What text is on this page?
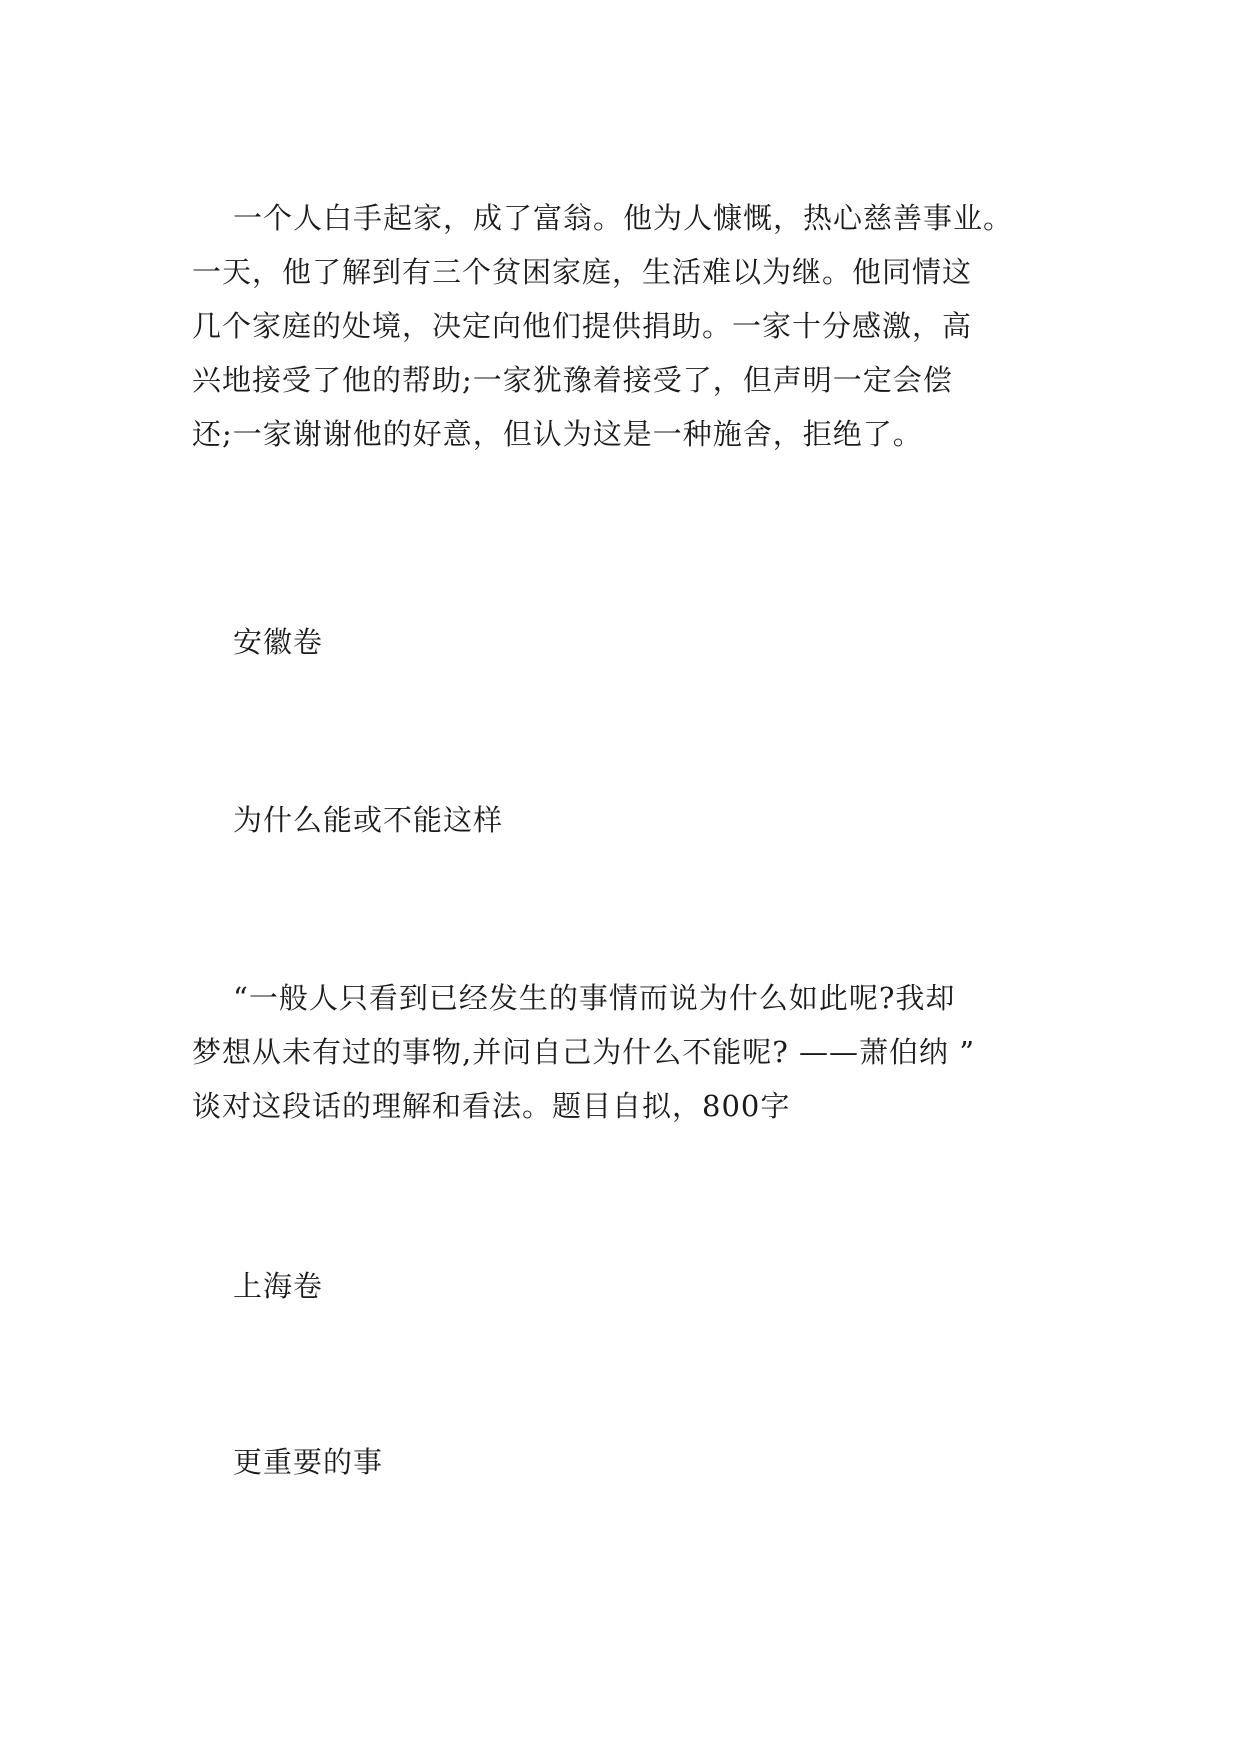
一个人白手起家，成了富翁。他为人慷慨，热心慈善事业。
一天，他了解到有三个贫困家庭，生活难以为继。他同情这
几个家庭的处境，决定向他们提供捐助。一家十分感激，高
兴地接受了他的帮助;一家犹豫着接受了，但声明一定会偿
还;一家谢谢他的好意，但认为这是一种施舍，拒绝了。
安徽卷
为什么能或不能这样
“一般人只看到已经发生的事情而说为什么如此呢?我却
梦想从未有过的事物,并问自己为什么不能呢? ——萧伯纳 ”
谈对这段话的理解和看法。题目自拟，800字
上海卷
更重要的事
